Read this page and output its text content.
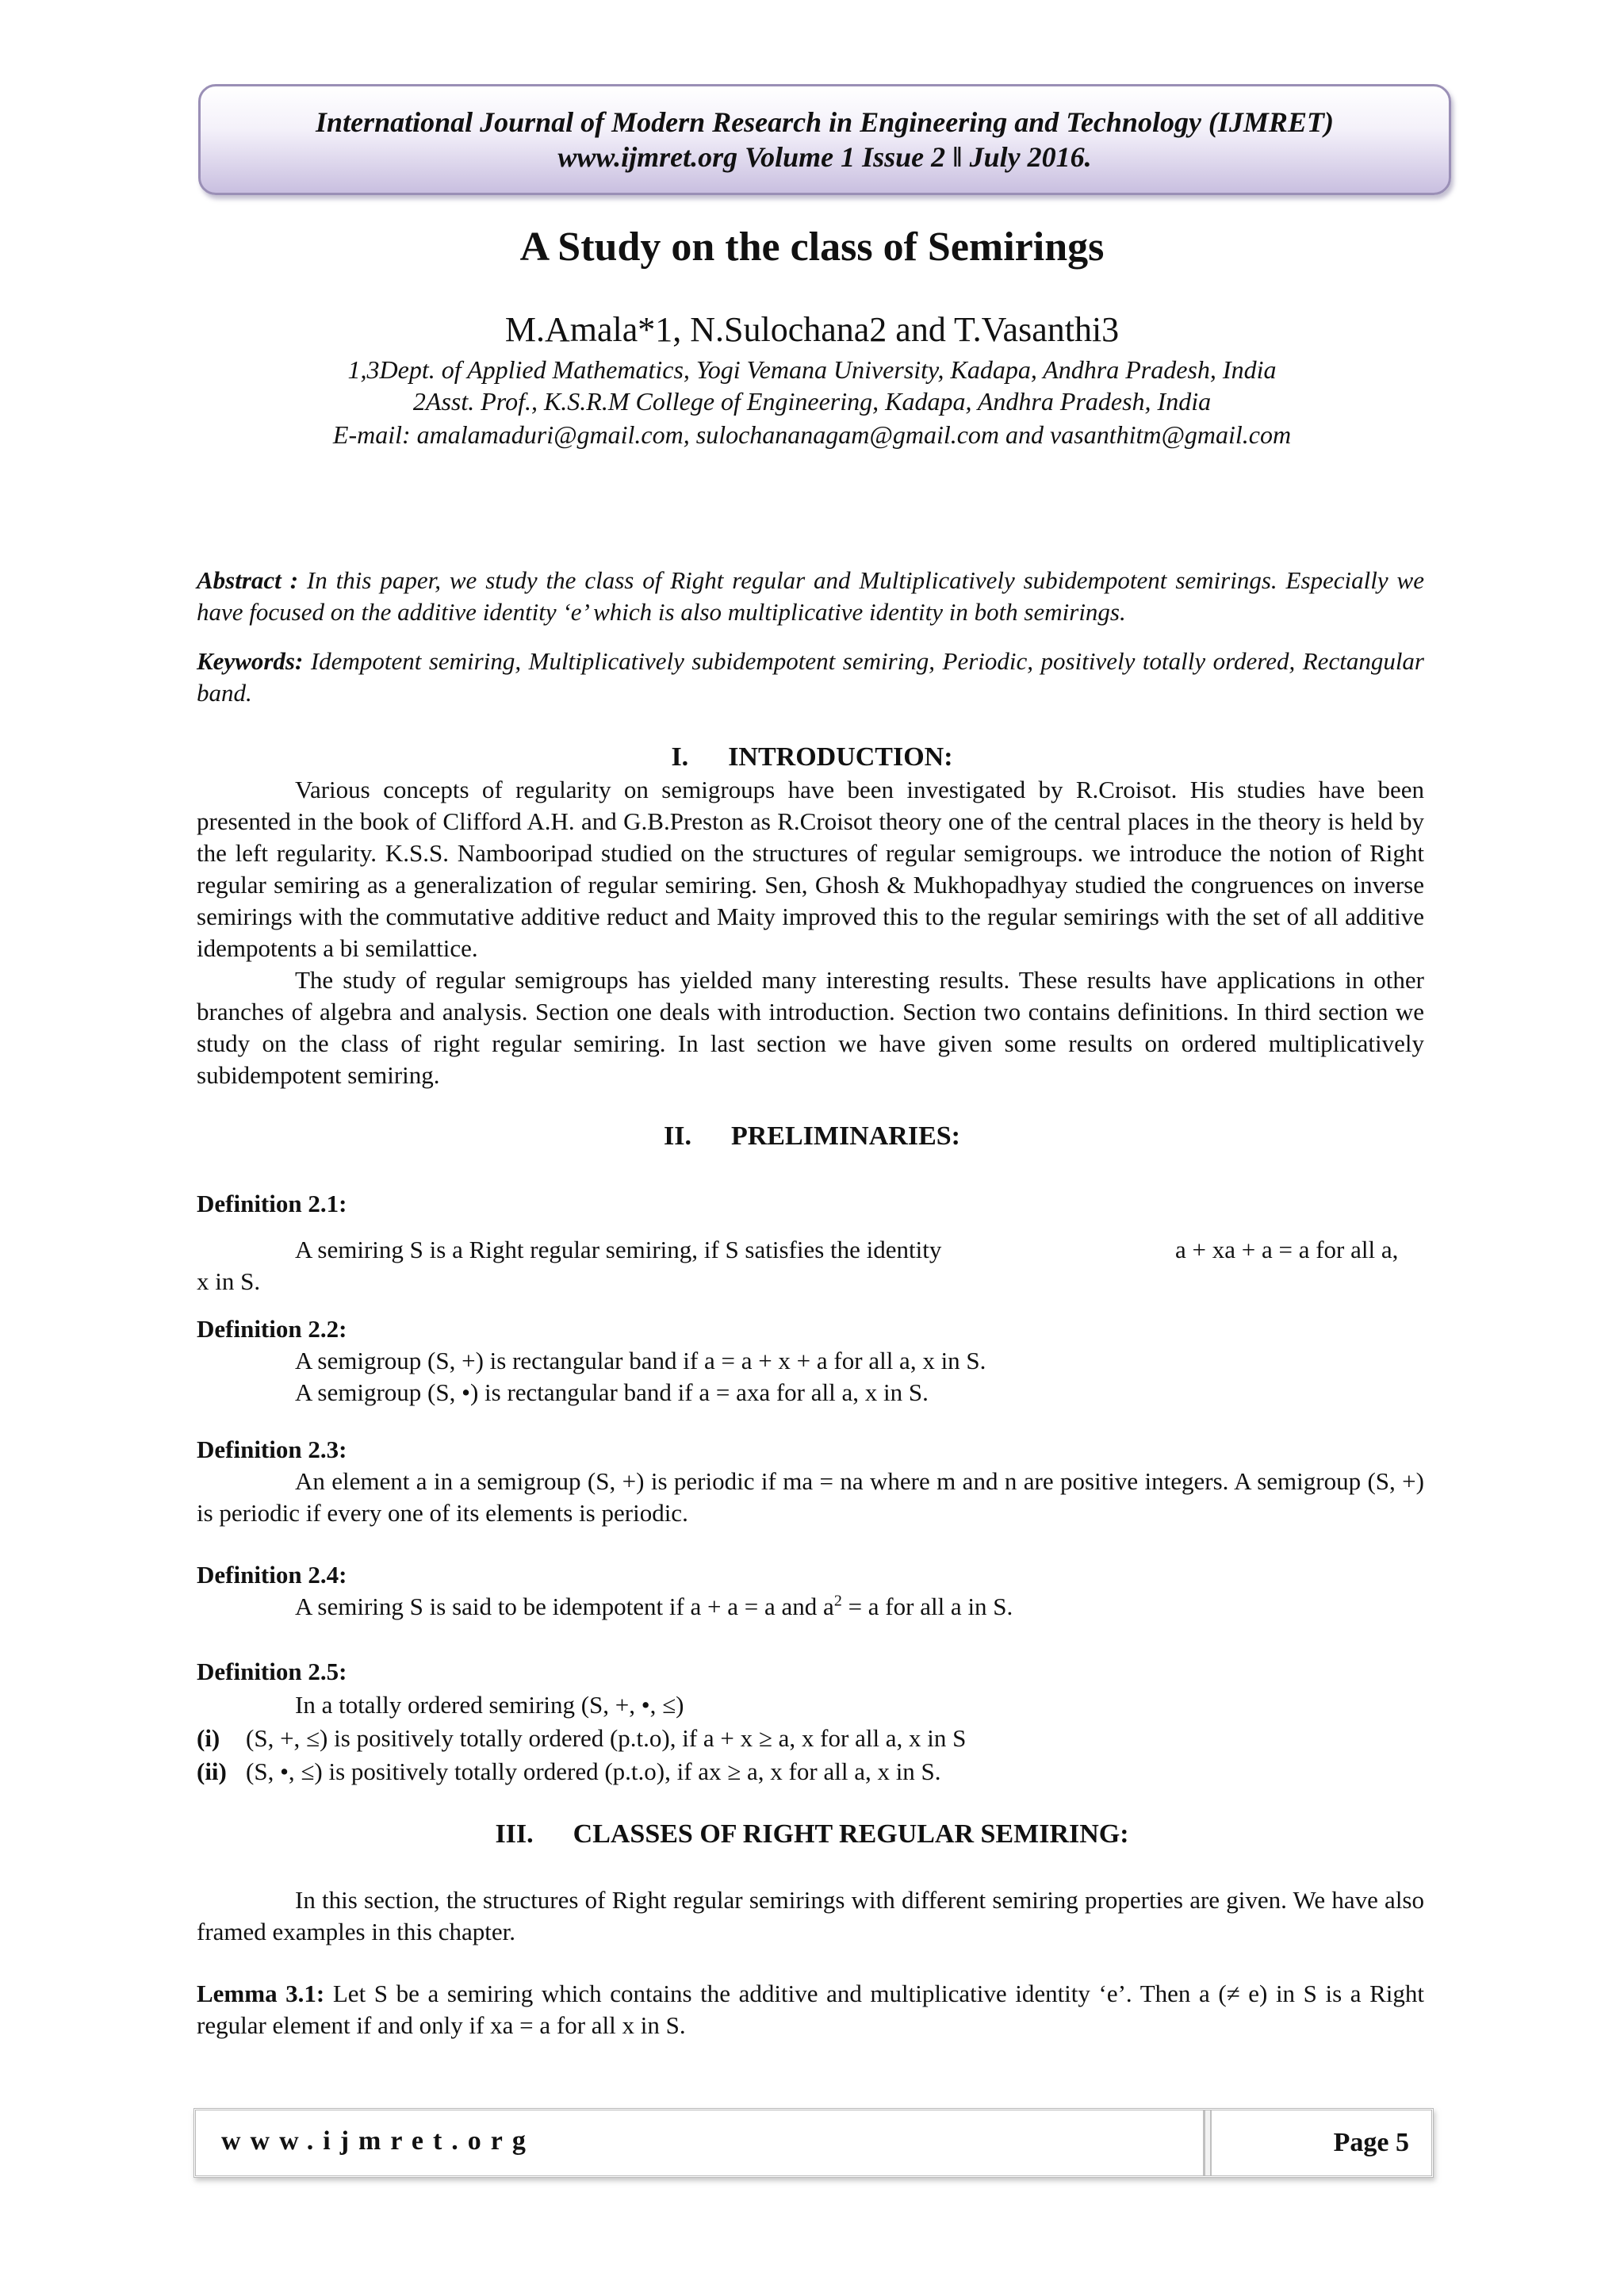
International Journal of Modern Research in Engineering and Technology (IJMRET)
www.ijmret.org Volume 1 Issue 2 ǁ July 2016.
A Study on the class of Semirings
M.Amala*1, N.Sulochana2 and T.Vasanthi3
1,3Dept. of Applied Mathematics, Yogi Vemana University, Kadapa, Andhra Pradesh, India
2Asst. Prof., K.S.R.M College of Engineering, Kadapa, Andhra Pradesh, India
E-mail: amalamaduri@gmail.com, sulochananagam@gmail.com and vasanthitm@gmail.com

Abstract : In this paper, we study the class of Right regular and Multiplicatively subidempotent semirings. Especially we have focused on the additive identity ‘e’ which is also multiplicative identity in both semirings.

Keywords: Idempotent semiring, Multiplicatively subidempotent semiring, Periodic, positively totally ordered, Rectangular band.

I. INTRODUCTION:

Various concepts of regularity on semigroups have been investigated by R.Croisot. His studies have been presented in the book of Clifford A.H. and G.B.Preston as R.Croisot theory one of the central places in the theory is held by the left regularity. K.S.S. Nambooripad studied on the structures of regular semigroups. we introduce the notion of Right regular semiring as a generalization of regular semiring. Sen, Ghosh & Mukhopadhyay studied the congruences on inverse semirings with the commutative additive reduct and Maity improved this to the regular semirings with the set of all additive idempotents a bi semilattice.

The study of regular semigroups has yielded many interesting results. These results have applications in other branches of algebra and analysis. Section one deals with introduction. Section two contains definitions. In third section we study on the class of right regular semiring. In last section we have given some results on ordered multiplicatively subidempotent semiring.

II. PRELIMINARIES:
Definition 2.1:
A semiring S is a Right regular semiring, if S satisfies the identity	a + xa + a = a for all a,
x in S.
Definition 2.2:
A semigroup (S, +) is rectangular band if a = a + x + a for all a, x in S.
A semigroup (S, •) is rectangular band if a = axa for all a, x in S.
Definition 2.3:

An element a in a semigroup (S, +) is periodic if ma = na where m and n are positive integers. A semigroup (S, +) is periodic if every one of its elements is periodic.

Definition 2.4:
A semiring S is said to be idempotent if a + a = a and $a^2 = a$ for all a in S.
Definition 2.5:
In a totally ordered semiring (S, +, •, ≤)
(i) (S, +, ≤) is positively totally ordered (p.t.o), if a + x ≥ a, x for all a, x in S
(ii) (S, •, ≤) is positively totally ordered (p.t.o), if ax ≥ a, x for all a, x in S.
III. CLASSES OF RIGHT REGULAR SEMIRING:

In this section, the structures of Right regular semirings with different semiring properties are given. We have also framed examples in this chapter.

Lemma 3.1: Let S be a semiring which contains the additive and multiplicative identity ‘e’. Then a (≠ e) in S is a Right regular element if and only if xa = a for all x in S.

www.ijmret.org	Page 5
